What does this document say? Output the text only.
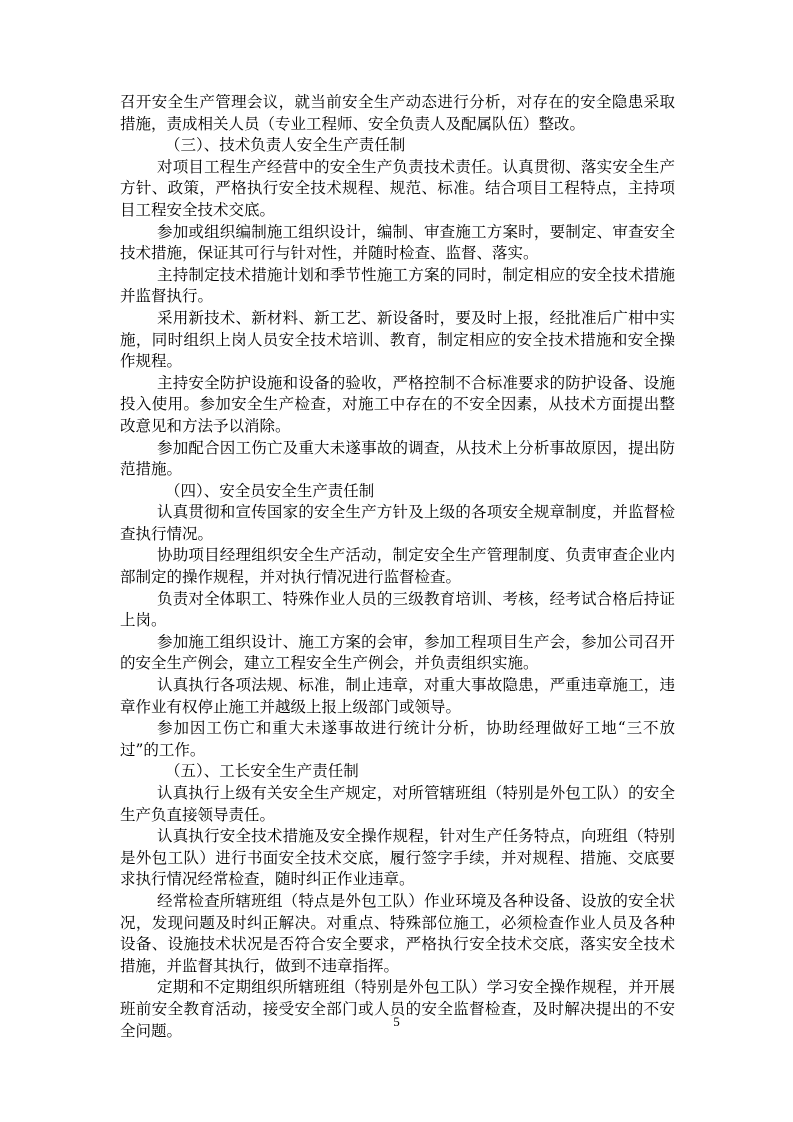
召开安全生产管理会议，就当前安全生产动态进行分析，对存在的安全隐患采取措施，责成相关人员（专业工程师、安全负责人及配属队伍）整改。

（三）、技术负责人安全生产责任制

对项目工程生产经营中的安全生产负责技术责任。认真贯彻、落实安全生产方针、政策，严格执行安全技术规程、规范、标准。结合项目工程特点，主持项目工程安全技术交底。

参加或组织编制施工组织设计，编制、审查施工方案时，要制定、审查安全技术措施，保证其可行与针对性，并随时检查、监督、落实。

主持制定技术措施计划和季节性施工方案的同时，制定相应的安全技术措施并监督执行。

采用新技术、新材料、新工艺、新设备时，要及时上报，经批准后广柑中实施，同时组织上岗人员安全技术培训、教育，制定相应的安全技术措施和安全操作规程。

主持安全防护设施和设备的验收，严格控制不合标准要求的防护设备、设施投入使用。参加安全生产检查，对施工中存在的不安全因素，从技术方面提出整改意见和方法予以消除。

参加配合因工伤亡及重大未遂事故的调查，从技术上分析事故原因，提出防范措施。

（四）、安全员安全生产责任制

认真贯彻和宣传国家的安全生产方针及上级的各项安全规章制度，并监督检查执行情况。

协助项目经理组织安全生产活动，制定安全生产管理制度、负责审查企业内部制定的操作规程，并对执行情况进行监督检查。

负责对全体职工、特殊作业人员的三级教育培训、考核，经考试合格后持证上岗。

参加施工组织设计、施工方案的会审，参加工程项目生产会，参加公司召开的安全生产例会，建立工程安全生产例会，并负责组织实施。

认真执行各项法规、标准，制止违章，对重大事故隐患，严重违章施工，违章作业有权停止施工并越级上报上级部门或领导。

参加因工伤亡和重大未遂事故进行统计分析，协助经理做好工地“三不放过”的工作。

（五）、工长安全生产责任制

认真执行上级有关安全生产规定，对所管辖班组（特别是外包工队）的安全生产负直接领导责任。

认真执行安全技术措施及安全操作规程，针对生产任务特点，向班组（特别是外包工队）进行书面安全技术交底，履行签字手续，并对规程、措施、交底要求执行情况经常检查，随时纠正作业违章。

经常检查所辖班组（特点是外包工队）作业环境及各种设备、设放的安全状况，发现问题及时纠正解决。对重点、特殊部位施工，必须检查作业人员及各种设备、设施技术状况是否符合安全要求，严格执行安全技术交底，落实安全技术措施，并监督其执行，做到不违章指挥。

定期和不定期组织所辖班组（特别是外包工队）学习安全操作规程，并开展班前安全教育活动，接受安全部门或人员的安全监督检查，及时解决提出的不安全问题。

5
